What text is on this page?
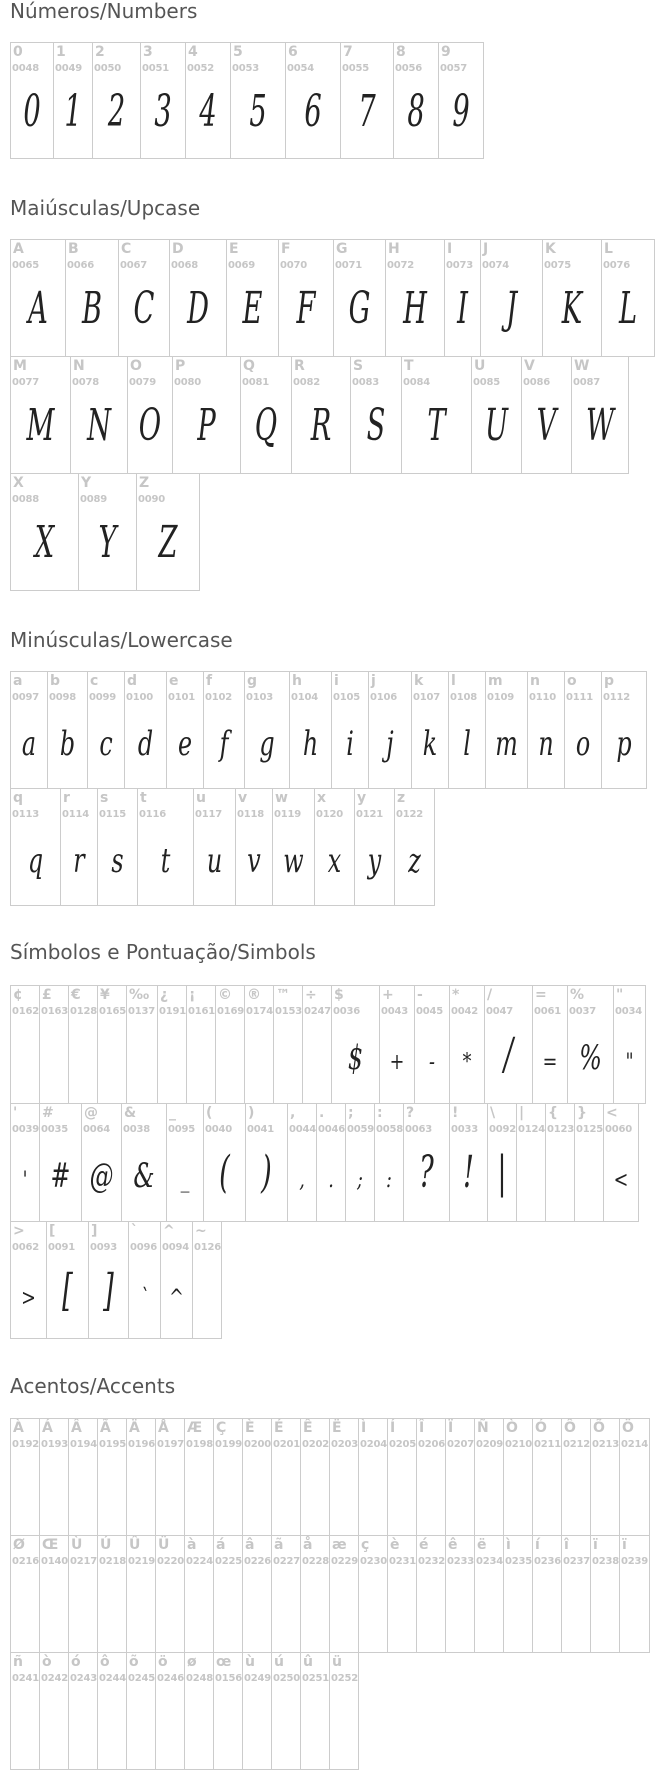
Números/Numbers
0
0048
0
1
0049
1
2
0050
2
3
0051
3
4
0052
4
5
0053
5
6
0054
6
7
0055
7
8
0056
8
9
0057
9
Maiúsculas/Upcase
A
0065
A
B
0066
B
C
0067
C
D
0068
D
E
0069
E
F
0070
F
G
0071
G
H
0072
H
I
0073
I
J
0074
J
K
0075
K
L
0076
L
M
0077
M
N
0078
N
O
0079
O
P
0080
P
Q
0081
Q
R
0082
R
S
0083
S
T
0084
T
U
0085
U
V
0086
V
W
0087
W
X
0088
X
Y
0089
Y
Z
0090
Z
Minúsculas/Lowercase
a
0097
a
b
0098
b
c
0099
c
d
0100
d
e
0101
e
f
0102
f
g
0103
g
h
0104
h
i
0105
i
j
0106
j
k
0107
k
l
0108
l
m
0109
m
n
0110
n
o
0111
o
p
0112
p
q
0113
q
r
0114
r
s
0115
s
t
0116
t
u
0117
u
v
0118
v
w
0119
w
x
0120
x
y
0121
y
z
0122
z
Símbolos e Pontuação/Simbols
¢
0162
£
0163
€
0128
¥
0165
‰
0137
¿
0191
¡
0161
©
0169
®
0174
™
0153
÷
0247
$
0036
$
+
0043
+
-
0045
-
*
0042
*
/
0047
/
=
0061
=
%
0037
%
"
0034
"
'
0039
'
#
0035
#
@
0064
@
&
0038
&
_
0095
_
(
0040
(
)
0041
)
,
0044
,
.
0046
.
;
0059
;
:
0058
:
?
0063
?
!
0033
!
\
0092
|
|
0124
{
0123
}
0125
<
0060
<
>
0062
>
[
0091
[
]
0093
]
`
0096
`
^
0094
^
~
0126
Acentos/Accents
À
0192
Á
0193
Â
0194
Ã
0195
Ä
0196
Å
0197
Æ
0198
Ç
0199
È
0200
É
0201
Ê
0202
Ë
0203
Ì
0204
Í
0205
Î
0206
Ï
0207
Ñ
0209
Ò
0210
Ó
0211
Ô
0212
Õ
0213
Ö
0214
Ø
0216
Œ
0140
Ù
0217
Ú
0218
Û
0219
Ü
0220
à
0224
á
0225
â
0226
ã
0227
å
0228
æ
0229
ç
0230
è
0231
é
0232
ê
0233
ë
0234
ì
0235
í
0236
î
0237
ï
0238
ï
0239
ñ
0241
ò
0242
ó
0243
ô
0244
õ
0245
ö
0246
ø
0248
œ
0156
ù
0249
ú
0250
û
0251
ü
0252
